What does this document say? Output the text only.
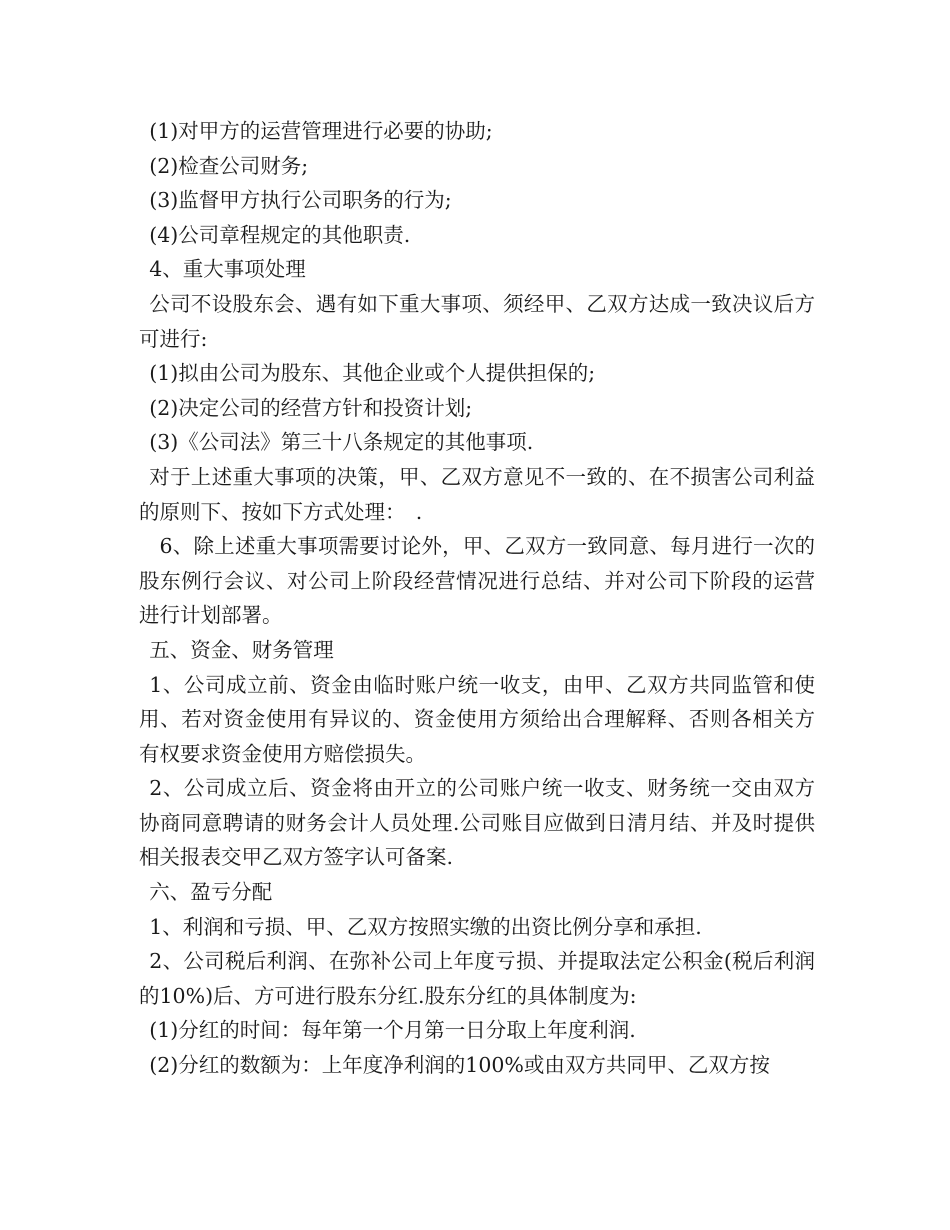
(1)对甲方的运营管理进行必要的协助;

(2)检查公司财务;

(3)监督甲方执行公司职务的行为;

(4)公司章程规定的其他职责.

4、重大事项处理

公司不设股东会、遇有如下重大事项、须经甲、乙双方达成一致决议后方可进行:

(1)拟由公司为股东、其他企业或个人提供担保的;

(2)决定公司的经营方针和投资计划;

(3)《公司法》第三十八条规定的其他事项.

对于上述重大事项的决策，甲、乙双方意见不一致的、在不损害公司利益的原则下、按如下方式处理：　.

6、除上述重大事项需要讨论外，甲、乙双方一致同意、每月进行一次的股东例行会议、对公司上阶段经营情况进行总结、并对公司下阶段的运营进行计划部署。

五、资金、财务管理

1、公司成立前、资金由临时账户统一收支，由甲、乙双方共同监管和使用、若对资金使用有异议的、资金使用方须给出合理解释、否则各相关方有权要求资金使用方赔偿损失。

2、公司成立后、资金将由开立的公司账户统一收支、财务统一交由双方协商同意聘请的财务会计人员处理.公司账目应做到日清月结、并及时提供相关报表交甲乙双方签字认可备案.

六、盈亏分配

1、利润和亏损、甲、乙双方按照实缴的出资比例分享和承担.

2、公司税后利润、在弥补公司上年度亏损、并提取法定公积金(税后利润的10%)后、方可进行股东分红.股东分红的具体制度为:

(1)分红的时间：每年第一个月第一日分取上年度利润.

(2)分红的数额为：上年度净利润的100%或由双方共同甲、乙双方按
